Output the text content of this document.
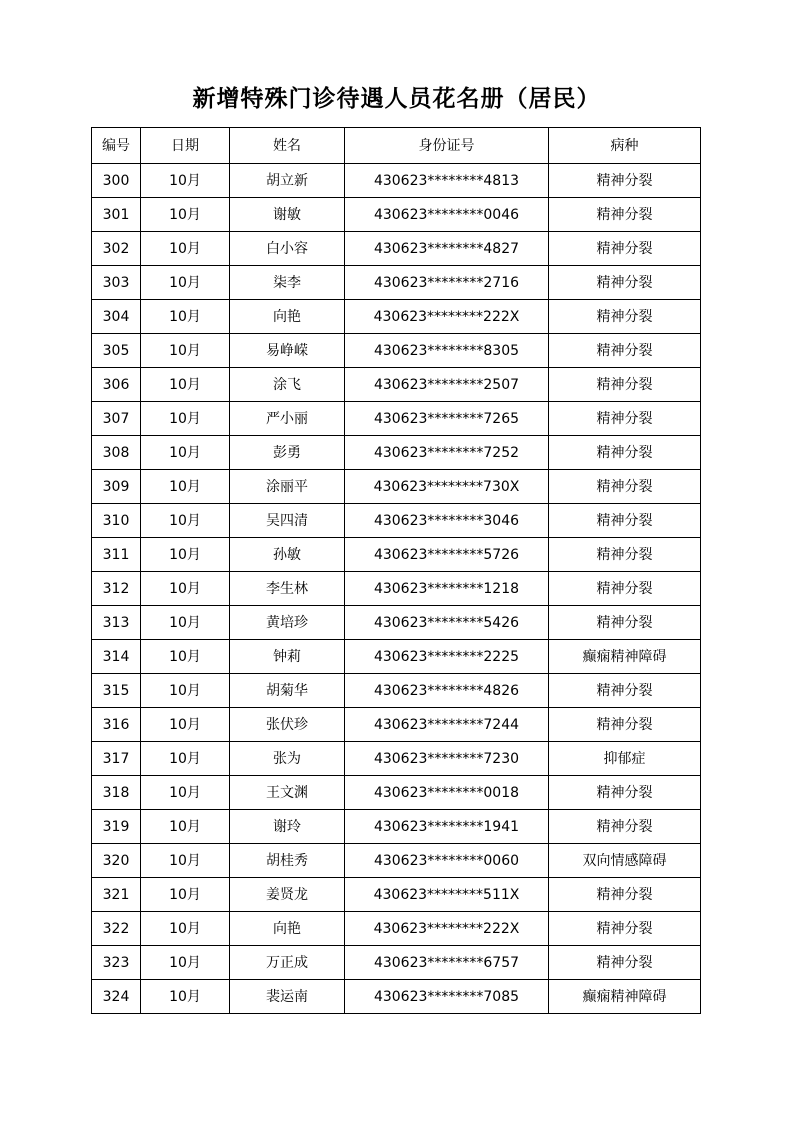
新增特殊门诊待遇人员花名册（居民）
编号	日期	姓名	身份证号	病种
300	10月	胡立新	430623********4813	精神分裂
301	10月	谢敏	430623********0046	精神分裂
302	10月	白小容	430623********4827	精神分裂
303	10月	柒李	430623********2716	精神分裂
304	10月	向艳	430623********222X	精神分裂
305	10月	易峥嵘	430623********8305	精神分裂
306	10月	涂飞	430623********2507	精神分裂
307	10月	严小丽	430623********7265	精神分裂
308	10月	彭勇	430623********7252	精神分裂
309	10月	涂丽平	430623********730X	精神分裂
310	10月	吴四清	430623********3046	精神分裂
311	10月	孙敏	430623********5726	精神分裂
312	10月	李生林	430623********1218	精神分裂
313	10月	黄培珍	430623********5426	精神分裂
314	10月	钟莉	430623********2225	癫痫精神障碍
315	10月	胡菊华	430623********4826	精神分裂
316	10月	张伏珍	430623********7244	精神分裂
317	10月	张为	430623********7230	抑郁症
318	10月	王文渊	430623********0018	精神分裂
319	10月	谢玲	430623********1941	精神分裂
320	10月	胡桂秀	430623********0060	双向情感障碍
321	10月	姜贤龙	430623********511X	精神分裂
322	10月	向艳	430623********222X	精神分裂
323	10月	万正成	430623********6757	精神分裂
324	10月	裴运南	430623********7085	癫痫精神障碍
